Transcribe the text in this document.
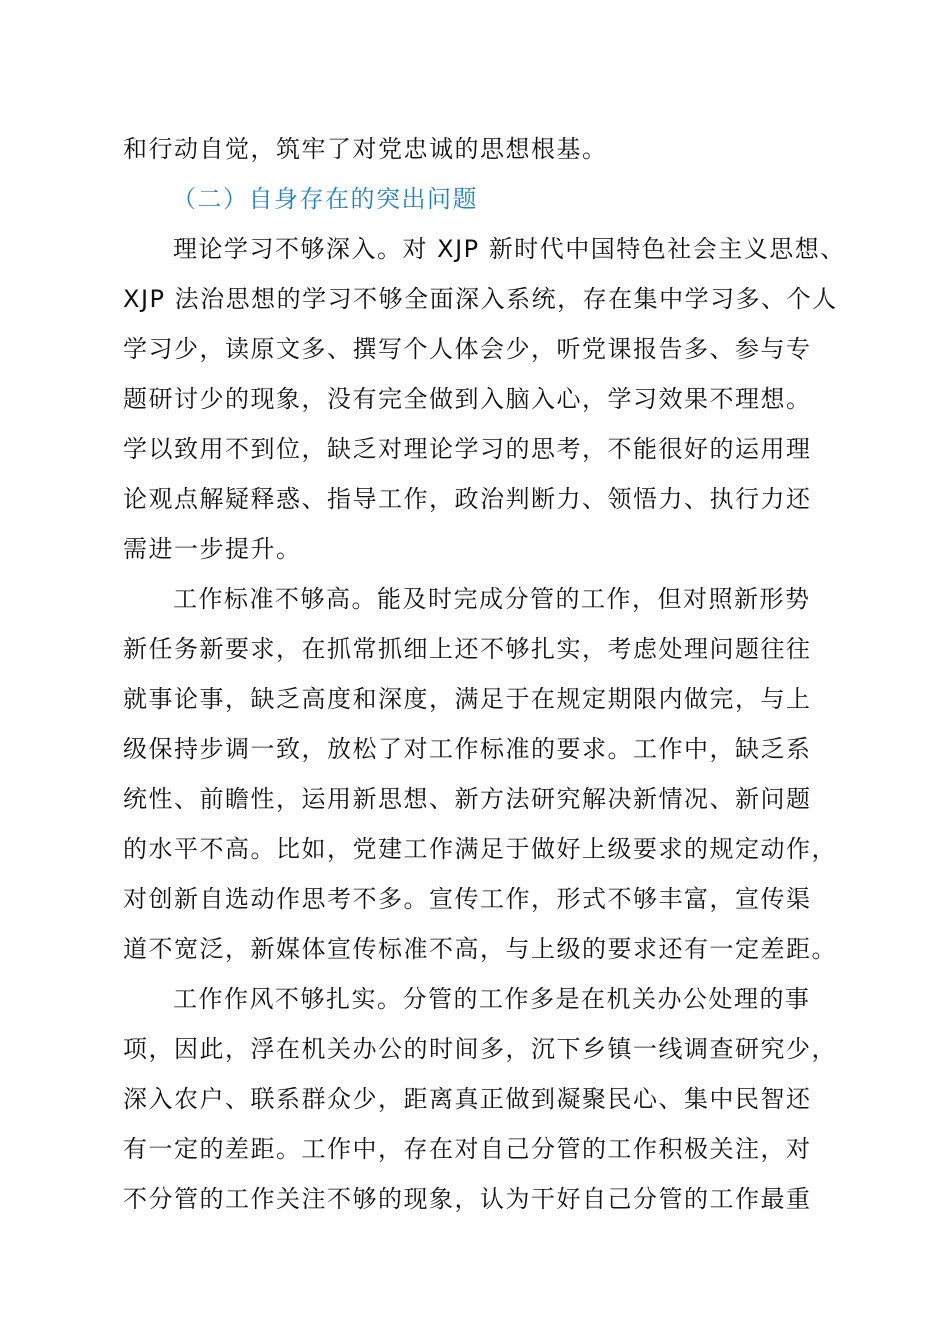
和行动自觉，筑牢了对党忠诚的思想根基。
（二）自身存在的突出问题
理论学习不够深入。对 XJP 新时代中国特色社会主义思想、
XJP 法治思想的学习不够全面深入系统，存在集中学习多、个人
学习少，读原文多、撰写个人体会少，听党课报告多、参与专
题研讨少的现象，没有完全做到入脑入心，学习效果不理想。
学以致用不到位，缺乏对理论学习的思考，不能很好的运用理
论观点解疑释惑、指导工作，政治判断力、领悟力、执行力还
需进一步提升。
工作标准不够高。能及时完成分管的工作，但对照新形势
新任务新要求，在抓常抓细上还不够扎实，考虑处理问题往往
就事论事，缺乏高度和深度，满足于在规定期限内做完，与上
级保持步调一致，放松了对工作标准的要求。工作中，缺乏系
统性、前瞻性，运用新思想、新方法研究解决新情况、新问题
的水平不高。比如，党建工作满足于做好上级要求的规定动作，
对创新自选动作思考不多。宣传工作，形式不够丰富，宣传渠
道不宽泛，新媒体宣传标准不高，与上级的要求还有一定差距。
工作作风不够扎实。分管的工作多是在机关办公处理的事
项，因此，浮在机关办公的时间多，沉下乡镇一线调查研究少，
深入农户、联系群众少，距离真正做到凝聚民心、集中民智还
有一定的差距。工作中，存在对自己分管的工作积极关注，对
不分管的工作关注不够的现象，认为干好自己分管的工作最重
